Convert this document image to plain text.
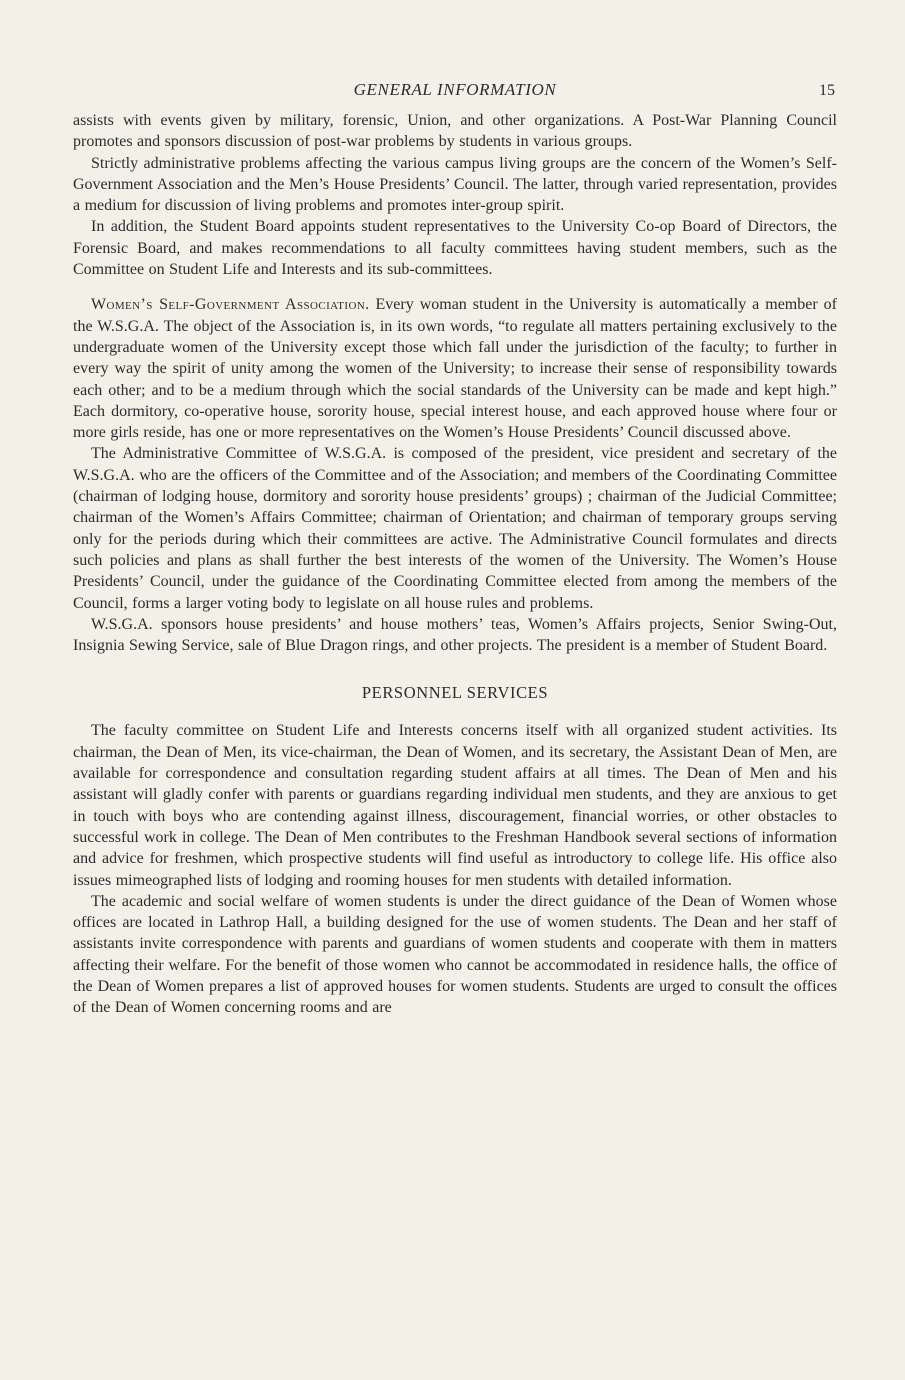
GENERAL INFORMATION	15

assists with events given by military, forensic, Union, and other organizations. A Post-War Planning Council promotes and sponsors discussion of post-war problems by students in various groups.

Strictly administrative problems affecting the various campus living groups are the concern of the Women’s Self-Government Association and the Men’s House Presidents’ Council. The latter, through varied representation, provides a medium for discussion of living problems and promotes inter-group spirit.

In addition, the Student Board appoints student representatives to the University Co-op Board of Directors, the Forensic Board, and makes recommendations to all faculty committees having student members, such as the Committee on Student Life and Interests and its sub-committees.

Women’s Self-Government Association. Every woman student in the University is automatically a member of the W.S.G.A. The object of the Association is, in its own words, “to regulate all matters pertaining exclusively to the undergraduate women of the University except those which fall under the jurisdiction of the faculty; to further in every way the spirit of unity among the women of the University; to increase their sense of responsibility towards each other; and to be a medium through which the social standards of the University can be made and kept high.” Each dormitory, co-operative house, sorority house, special interest house, and each approved house where four or more girls reside, has one or more representatives on the Women’s House Presidents’ Council discussed above.

The Administrative Committee of W.S.G.A. is composed of the president, vice president and secretary of the W.S.G.A. who are the officers of the Committee and of the Association; and members of the Coordinating Committee (chairman of lodging house, dormitory and sorority house presidents’ groups) ; chairman of the Judicial Committee; chairman of the Women’s Affairs Committee; chairman of Orientation; and chairman of temporary groups serving only for the periods during which their committees are active. The Administrative Council formulates and directs such policies and plans as shall further the best interests of the women of the University. The Women’s House Presidents’ Council, under the guidance of the Coordinating Committee elected from among the members of the Council, forms a larger voting body to legislate on all house rules and problems.

W.S.G.A. sponsors house presidents’ and house mothers’ teas, Women’s Affairs projects, Senior Swing-Out, Insignia Sewing Service, sale of Blue Dragon rings, and other projects. The president is a member of Student Board.

PERSONNEL SERVICES

The faculty committee on Student Life and Interests concerns itself with all organized student activities. Its chairman, the Dean of Men, its vice-chairman, the Dean of Women, and its secretary, the Assistant Dean of Men, are available for correspondence and consultation regarding student affairs at all times. The Dean of Men and his assistant will gladly confer with parents or guardians regarding individual men students, and they are anxious to get in touch with boys who are contending against illness, discouragement, financial worries, or other obstacles to successful work in college. The Dean of Men contributes to the Freshman Handbook several sections of information and advice for freshmen, which prospective students will find useful as introductory to college life. His office also issues mimeographed lists of lodging and rooming houses for men students with detailed information.

The academic and social welfare of women students is under the direct guidance of the Dean of Women whose offices are located in Lathrop Hall, a building designed for the use of women students. The Dean and her staff of assistants invite correspondence with parents and guardians of women students and cooperate with them in matters affecting their welfare. For the benefit of those women who cannot be accommodated in residence halls, the office of the Dean of Women prepares a list of approved houses for women students. Students are urged to consult the offices of the Dean of Women concerning rooms and are
